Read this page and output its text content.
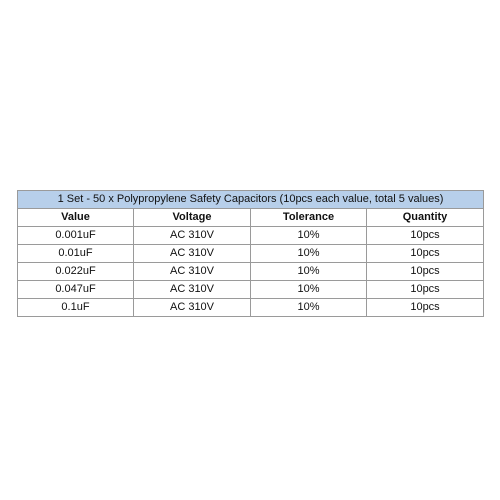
1 Set - 50 x Polypropylene Safety Capacitors (10pcs each value, total 5 values)			
Value	Voltage	Tolerance	Quantity
0.001uF	AC 310V	10%	10pcs
0.01uF	AC 310V	10%	10pcs
0.022uF	AC 310V	10%	10pcs
0.047uF	AC 310V	10%	10pcs
0.1uF	AC 310V	10%	10pcs
